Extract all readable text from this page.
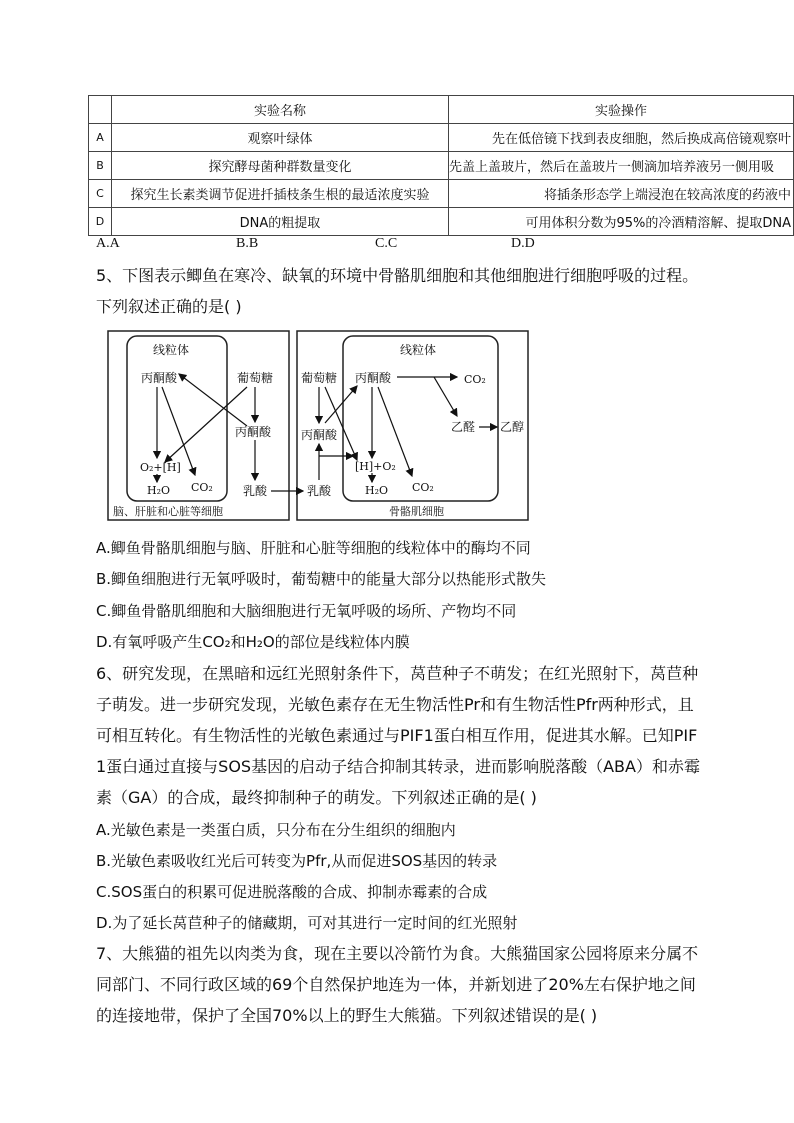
	实验名称	实验操作
A	观察叶绿体	先在低倍镜下找到表皮细胞，然后换成高倍镜观察叶
B	探究酵母菌种群数量变化	先盖上盖玻片，然后在盖玻片一侧滴加培养液另一侧用吸
C	探究生长素类调节促进扦插枝条生根的最适浓度实验	将插条形态学上端浸泡在较高浓度的药液中
D	DNA的粗提取	可用体积分数为95%的冷酒精溶解、提取DNA
A.A	B.B	C.C	D.D
5、下图表示鲫鱼在寒冷、缺氧的环境中骨骼肌细胞和其他细胞进行细胞呼吸的过程。
下列叙述正确的是( )
线粒体
丙酮酸	葡萄糖
丙酮酸
O₂+[H]
H₂O CO₂	乳酸
脑、肝脏和心脏等细胞
线粒体
葡萄糖 丙酮酸	CO₂
乙醛 乙醇
丙酮酸
[H]+O₂
H₂O CO₂
乳酸
骨骼肌细胞
A.鲫鱼骨骼肌细胞与脑、肝脏和心脏等细胞的线粒体中的酶均不同
B.鲫鱼细胞进行无氧呼吸时，葡萄糖中的能量大部分以热能形式散失
C.鲫鱼骨骼肌细胞和大脑细胞进行无氧呼吸的场所、产物均不同
D.有氧呼吸产生CO₂和H₂O的部位是线粒体内膜
6、研究发现，在黑暗和远红光照射条件下，莴苣种子不萌发；在红光照射下，莴苣种
子萌发。进一步研究发现，光敏色素存在无生物活性Pr和有生物活性Pfr两种形式，且
可相互转化。有生物活性的光敏色素通过与PIF1蛋白相互作用，促进其水解。已知PIF
1蛋白通过直接与SOS基因的启动子结合抑制其转录，进而影响脱落酸（ABA）和赤霉
素（GA）的合成，最终抑制种子的萌发。下列叙述正确的是( )
A.光敏色素是一类蛋白质，只分布在分生组织的细胞内
B.光敏色素吸收红光后可转变为Pfr,从而促进SOS基因的转录
C.SOS蛋白的积累可促进脱落酸的合成、抑制赤霉素的合成
D.为了延长莴苣种子的储藏期，可对其进行一定时间的红光照射
7、大熊猫的祖先以肉类为食，现在主要以冷箭竹为食。大熊猫国家公园将原来分属不
同部门、不同行政区域的69个自然保护地连为一体，并新划进了20%左右保护地之间
的连接地带，保护了全国70%以上的野生大熊猫。下列叙述错误的是( )
